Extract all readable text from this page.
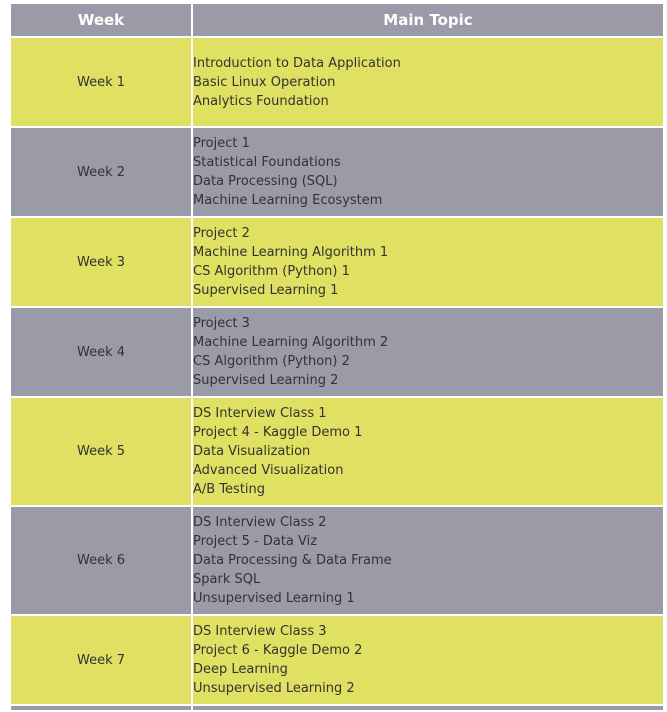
Week	Main Topic
Week 1	Introduction to Data Application
Basic Linux Operation
Analytics Foundation

Week 2	Project 1
Statistical Foundations
Data Processing (SQL)
Machine Learning Ecosystem

Week 3	Project 2
Machine Learning Algorithm 1
CS Algorithm (Python) 1
Supervised Learning 1

Week 4	Project 3
Machine Learning Algorithm 2
CS Algorithm (Python) 2
Supervised Learning 2

Week 5	DS Interview Class 1
Project 4 - Kaggle Demo 1
Data Visualization
Advanced Visualization
A/B Testing

Week 6	DS Interview Class 2
Project 5 - Data Viz
Data Processing & Data Frame
Spark SQL
Unsupervised Learning 1

Week 7	DS Interview Class 3
Project 6 - Kaggle Demo 2
Deep Learning
Unsupervised Learning 2
